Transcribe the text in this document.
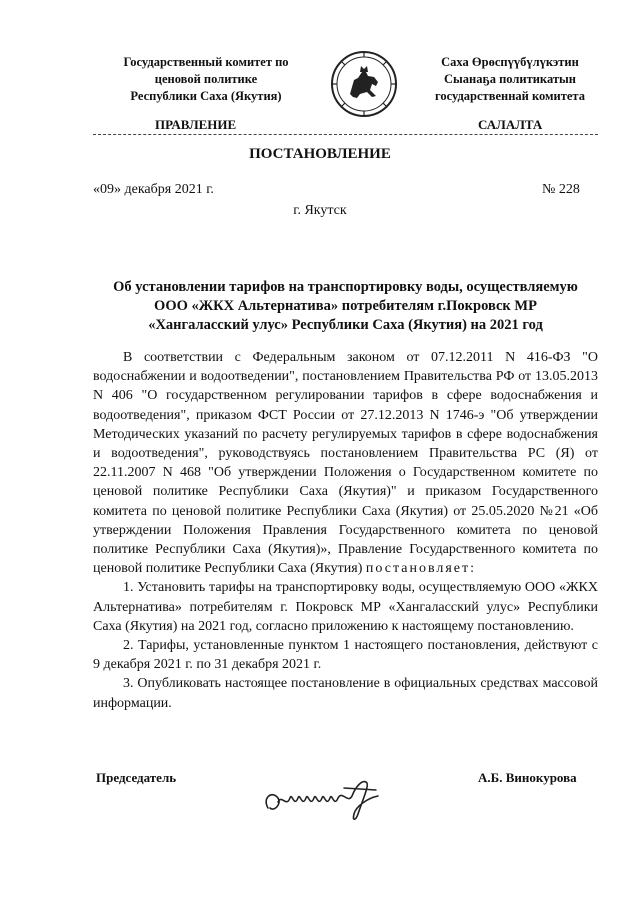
Государственный комитет по
ценовой политике
Республики Саха (Якутия)
Саха Өрөспүүбүлүкэтин
Сыанаҕа политикатын
государственнай комитета
ПРАВЛЕНИЕ	САЛАЛТА
ПОСТАНОВЛЕНИЕ
«09» декабря 2021 г.	№ 228
г. Якутск
Об установлении тарифов на транспортировку воды, осуществляемую
ООО «ЖКХ Альтернатива» потребителям г.Покровск МР
«Хангаласский улус» Республики Саха (Якутия) на 2021 год

В соответствии с Федеральным законом от 07.12.2011 N 416-ФЗ "О водоснабжении и водоотведении", постановлением Правительства РФ от 13.05.2013 N 406 "О государственном регулировании тарифов в сфере водоснабжения и водоотведения", приказом ФСТ России от 27.12.2013 N 1746-э "Об утверждении Методических указаний по расчету регулируемых тарифов в сфере водоснабжения и водоотведения", руководствуясь постановлением Правительства РС (Я) от 22.11.2007 N 468 "Об утверждении Положения о Государственном комитете по ценовой политике Республики Саха (Якутия)" и приказом Государственного комитета по ценовой политике Республики Саха (Якутия) от 25.05.2020 №21 «Об утверждении Положения Правления Государственного комитета по ценовой политике Республики Саха (Якутия)», Правление Государственного комитета по ценовой политике Республики Саха (Якутия) постановляет:

1. Установить тарифы на транспортировку воды, осуществляемую ООО «ЖКХ Альтернатива» потребителям г. Покровск МР «Хангаласский улус» Республики Саха (Якутия) на 2021 год, согласно приложению к настоящему постановлению.

2. Тарифы, установленные пунктом 1 настоящего постановления, действуют с 9 декабря 2021 г. по 31 декабря 2021 г.

3. Опубликовать настоящее постановление в официальных средствах массовой информации.

Председатель	А.Б. Винокурова
